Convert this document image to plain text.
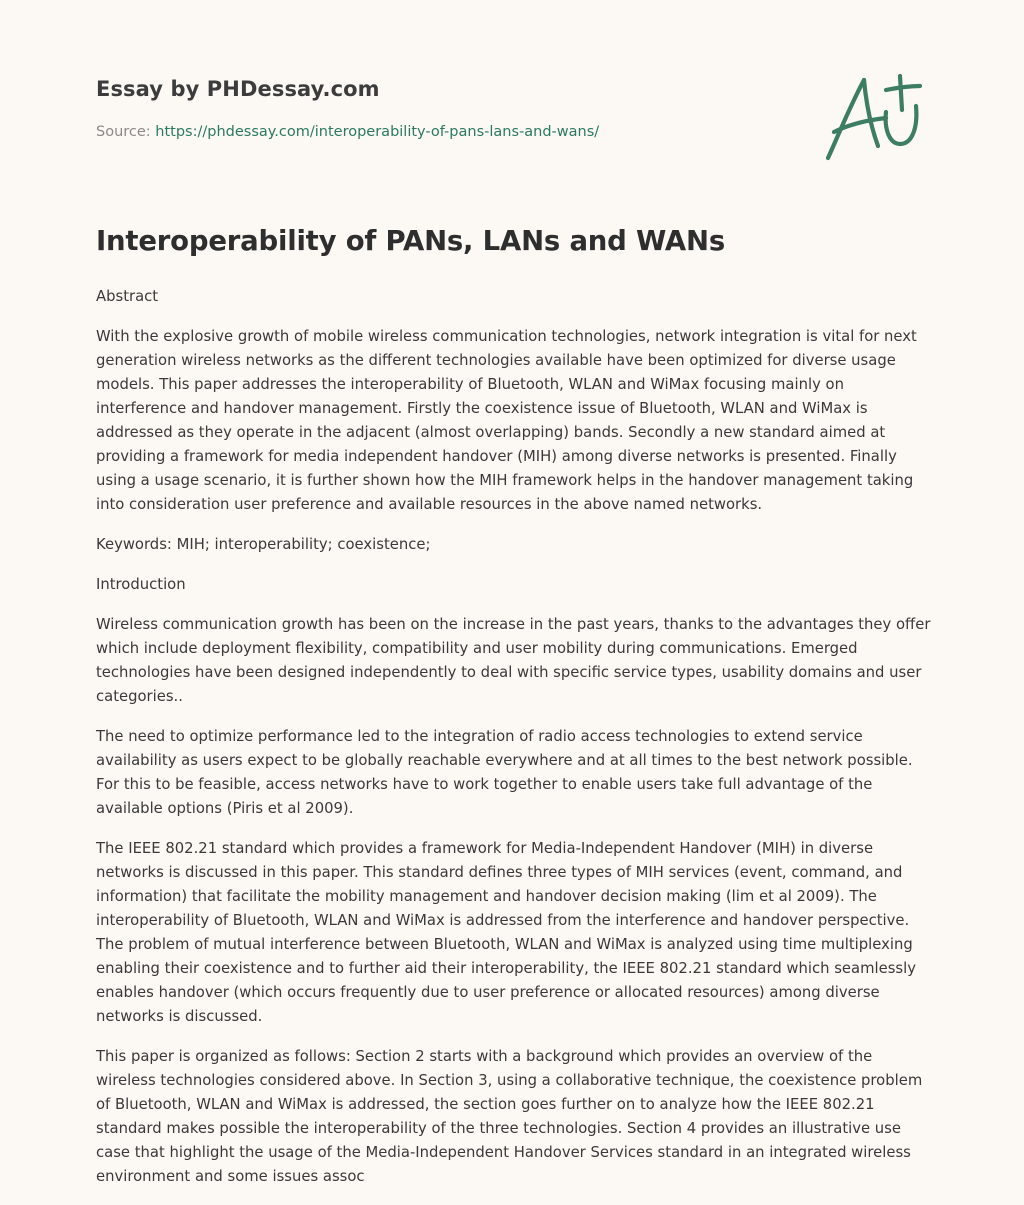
Essay by PHDessay.com

Source: https://phdessay.com/interoperability-of-pans-lans-and-wans/

Interoperability of PANs, LANs and WANs

Abstract

With the explosive growth of mobile wireless communication technologies, network integration is vital for next generation wireless networks as the different technologies available have been optimized for diverse usage models. This paper addresses the interoperability of Bluetooth, WLAN and WiMax focusing mainly on interference and handover management. Firstly the coexistence issue of Bluetooth, WLAN and WiMax is addressed as they operate in the adjacent (almost overlapping) bands. Secondly a new standard aimed at providing a framework for media independent handover (MIH) among diverse networks is presented. Finally using a usage scenario, it is further shown how the MIH framework helps in the handover management taking into consideration user preference and available resources in the above named networks.

Keywords: MIH; interoperability; coexistence;

Introduction

Wireless communication growth has been on the increase in the past years, thanks to the advantages they offer which include deployment flexibility, compatibility and user mobility during communications. Emerged technologies have been designed independently to deal with specific service types, usability domains and user categories..

The need to optimize performance led to the integration of radio access technologies to extend service availability as users expect to be globally reachable everywhere and at all times to the best network possible. For this to be feasible, access networks have to work together to enable users take full advantage of the available options (Piris et al 2009).

The IEEE 802.21 standard which provides a framework for Media-Independent Handover (MIH) in diverse networks is discussed in this paper. This standard defines three types of MIH services (event, command, and information) that facilitate the mobility management and handover decision making (lim et al 2009). The interoperability of Bluetooth, WLAN and WiMax is addressed from the interference and handover perspective. The problem of mutual interference between Bluetooth, WLAN and WiMax is analyzed using time multiplexing enabling their coexistence and to further aid their interoperability, the IEEE 802.21 standard which seamlessly enables handover (which occurs frequently due to user preference or allocated resources) among diverse networks is discussed.

This paper is organized as follows: Section 2 starts with a background which provides an overview of the wireless technologies considered above. In Section 3, using a collaborative technique, the coexistence problem of Bluetooth, WLAN and WiMax is addressed, the section goes further on to analyze how the IEEE 802.21 standard makes possible the interoperability of the three technologies. Section 4 provides an illustrative use case that highlight the usage of the Media-Independent Handover Services standard in an integrated wireless environment and some issues assoc
